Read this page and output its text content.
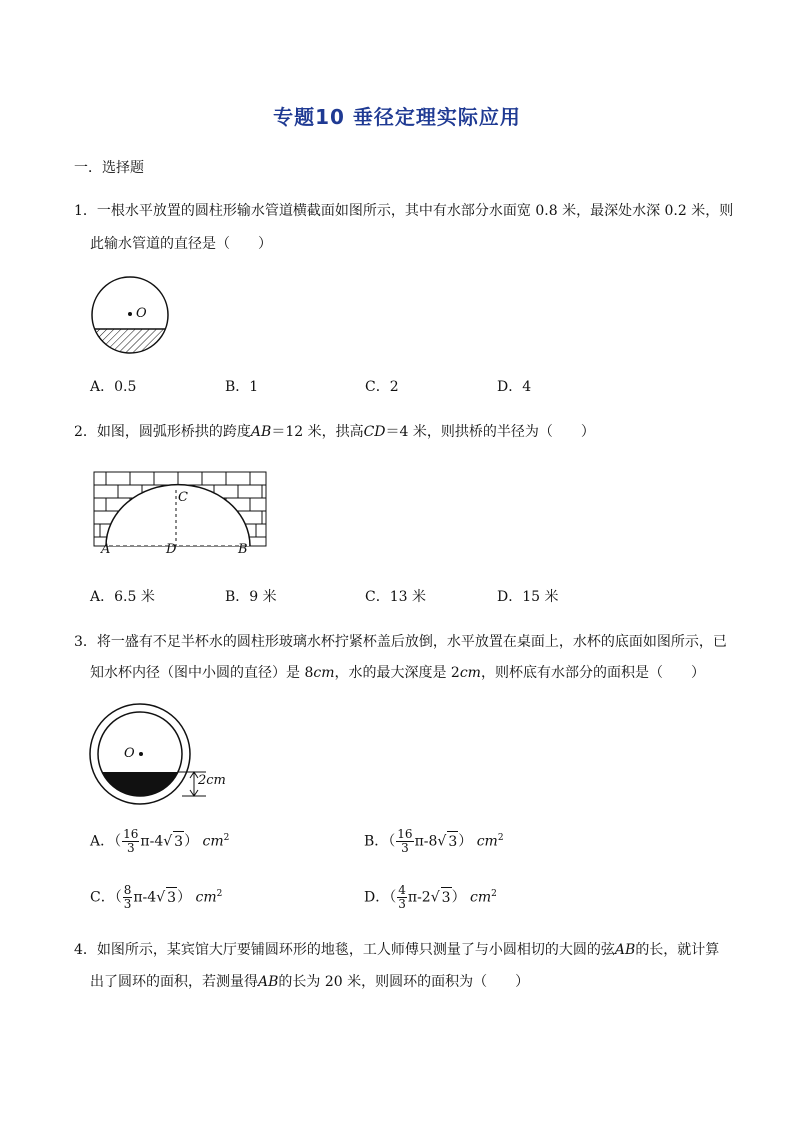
专题10 垂径定理实际应用
一．选择题
1．一根水平放置的圆柱形输水管道横截面如图所示，其中有水部分水面宽 0.8 米，最深处水深 0.2 米，则
此输水管道的直径是（　　）
O
A．0.5	B．1	C．2	D．4
2．如图，圆弧形桥拱的跨度AB＝12 米，拱高CD＝4 米，则拱桥的半径为（　　）
A	B
C
D
A．6.5 米	B．9 米	C．13 米	D．15 米
3．将一盛有不足半杯水的圆柱形玻璃水杯拧紧杯盖后放倒，水平放置在桌面上，水杯的底面如图所示，已
知水杯内径（图中小圆的直径）是 8cm，水的最大深度是 2cm，则杯底有水部分的面积是（　　）
O
2cm
A．（ $\frac{16}{3} \pi-4√$ 3） $cm^2$	B．（ $\frac{16}{3} \pi-8√$ 3） $cm^2$
C．（ $\frac{8}{3} \pi-4√$ 3） $cm^2$	D．（ $\frac{4}{3} \pi-2√$ 3） $cm^2$
4．如图所示，某宾馆大厅要铺圆环形的地毯，工人师傅只测量了与小圆相切的大圆的弦AB的长，就计算
出了圆环的面积，若测量得AB的长为 20 米，则圆环的面积为（　　）
